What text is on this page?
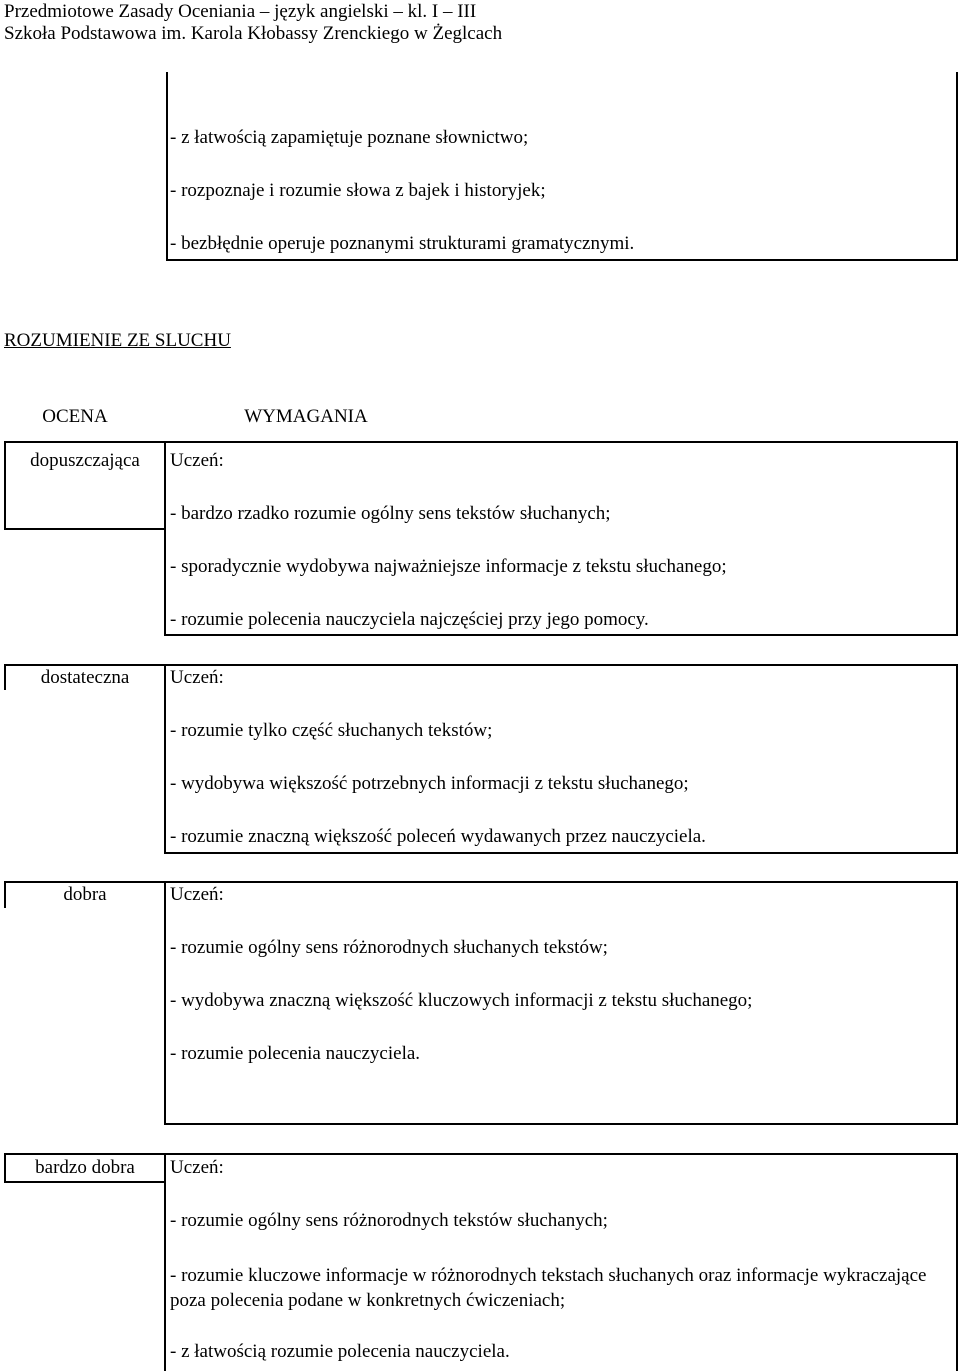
Przedmiotowe Zasady Oceniania – język angielski – kl. I – III
Szkoła Podstawowa im. Karola Kłobassy Zrenckiego w Żeglcach
- z łatwością zapamiętuje poznane słownictwo;
- rozpoznaje i rozumie słowa z bajek i historyjek;
- bezbłędnie operuje poznanymi strukturami gramatycznymi.
ROZUMIENIE ZE SLUCHU
OCENA	WYMAGANIA
dopuszczająca	Uczeń:
- bardzo rzadko rozumie ogólny sens tekstów słuchanych;
- sporadycznie wydobywa najważniejsze informacje z tekstu słuchanego;
- rozumie polecenia nauczyciela najczęściej przy jego pomocy.
dostateczna	Uczeń:
- rozumie tylko część słuchanych tekstów;
- wydobywa większość potrzebnych informacji z tekstu słuchanego;
- rozumie znaczną większość poleceń wydawanych przez nauczyciela.
dobra	Uczeń:
- rozumie ogólny sens różnorodnych słuchanych tekstów;
- wydobywa znaczną większość kluczowych informacji z tekstu słuchanego;
- rozumie polecenia nauczyciela.
bardzo dobra	Uczeń:
- rozumie ogólny sens różnorodnych tekstów słuchanych;
- rozumie kluczowe informacje w różnorodnych tekstach słuchanych oraz informacje wykraczające poza polecenia podane w konkretnych ćwiczeniach;
- z łatwością rozumie polecenia nauczyciela.
